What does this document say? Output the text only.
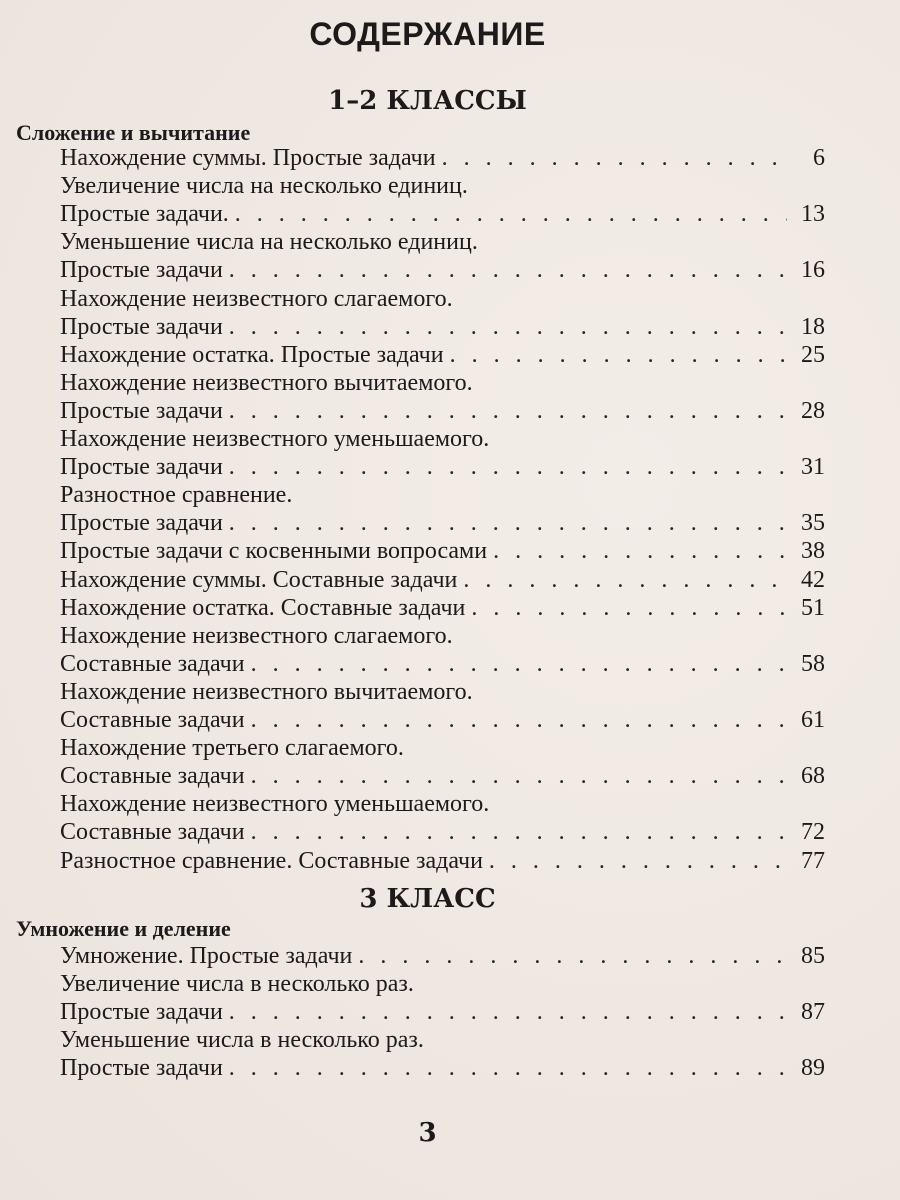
СОДЕРЖАНИЕ
1–2 КЛАССЫ
Сложение и вычитание
Нахождение суммы. Простые задачи . . .	6
Увеличение числа на несколько единиц.
Простые задачи. . . .	13
Уменьшение числа на несколько единиц.
Простые задачи . . .	16
Нахождение неизвестного слагаемого.
Простые задачи . . .	18
Нахождение остатка. Простые задачи . . .	25
Нахождение неизвестного вычитаемого.
Простые задачи . . .	28
Нахождение неизвестного уменьшаемого.
Простые задачи . . .	31
Разностное сравнение.
Простые задачи . . .	35
Простые задачи с косвенными вопросами . . .	38
Нахождение суммы. Составные задачи . . .	42
Нахождение остатка. Составные задачи . . .	51
Нахождение неизвестного слагаемого.
Составные задачи . . .	58
Нахождение неизвестного вычитаемого.
Составные задачи . . .	61
Нахождение третьего слагаемого.
Составные задачи . . .	68
Нахождение неизвестного уменьшаемого.
Составные задачи . . .	72
Разностное сравнение. Составные задачи . . .	77
3 КЛАСС
Умножение и деление
Умножение. Простые задачи . . .	85
Увеличение числа в несколько раз.
Простые задачи . . .	87
Уменьшение числа в несколько раз.
Простые задачи . . .	89
3
